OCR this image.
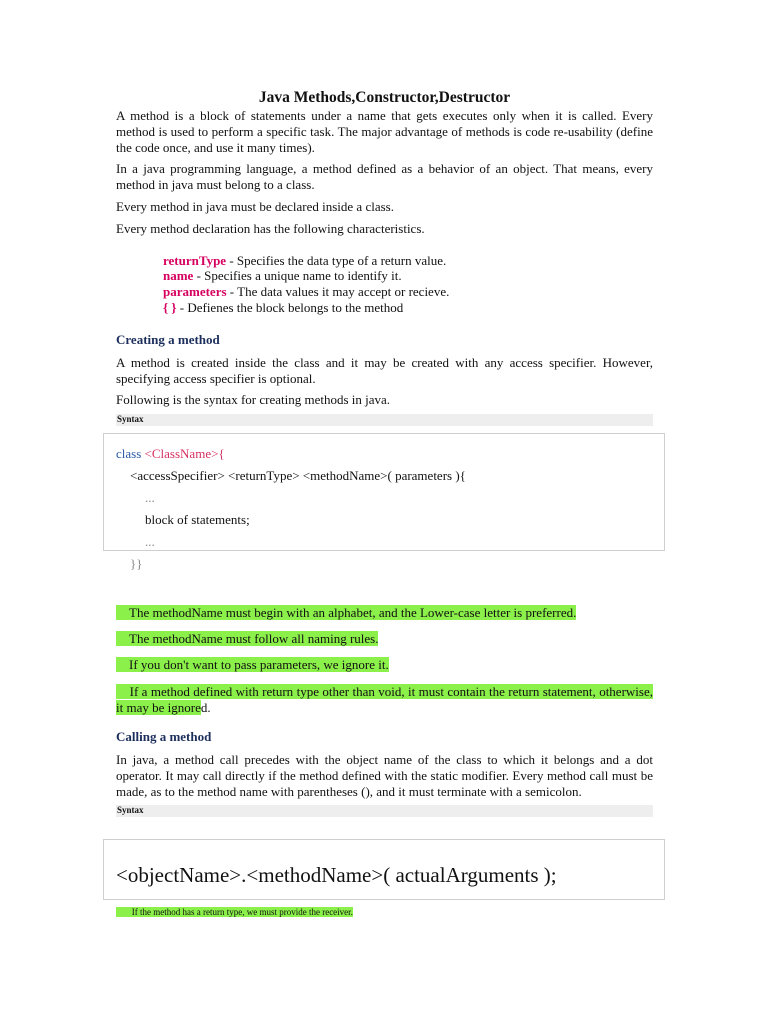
Java Methods,Constructor,Destructor

A method is a block of statements under a name that gets executes only when it is called. Every method is used to perform a specific task. The major advantage of methods is code re-usability (define the code once, and use it many times).

In a java programming language, a method defined as a behavior of an object. That means, every method in java must belong to a class.

Every method in java must be declared inside a class.

Every method declaration has the following characteristics.

returnType - Specifies the data type of a return value.
name - Specifies a unique name to identify it.
parameters - The data values it may accept or recieve.
{ } - Defienes the block belongs to the method
Creating a method

A method is created inside the class and it may be created with any access specifier. However, specifying access specifier is optional.

Following is the syntax for creating methods in java.

Syntax
class <ClassName>{
<accessSpecifier> <returnType> <methodName>( parameters ){
...
block of statements;
...
}}
The methodName must begin with an alphabet, and the Lower-case letter is preferred.
The methodName must follow all naming rules.
If you don't want to pass parameters, we ignore it.
If a method defined with return type other than void, it must contain the return statement, otherwise, it may be ignored.
Calling a method

In java, a method call precedes with the object name of the class to which it belongs and a dot operator. It may call directly if the method defined with the static modifier. Every method call must be made, as to the method name with parentheses (), and it must terminate with a semicolon.

Syntax
<objectName>.<methodName>( actualArguments );
If the method has a return type, we must provide the receiver.
